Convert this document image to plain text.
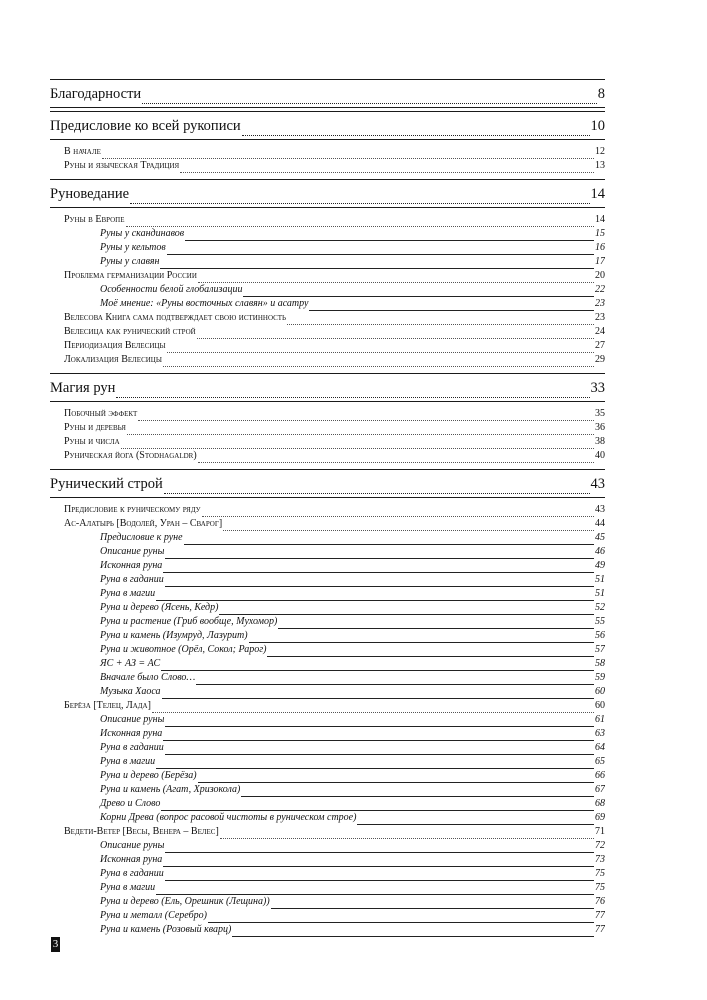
Благодарности	8
Предисловие ко всей рукописи	10
В начале	12
Руны и языческая Традиция	13
Руноведание	14
Руны в Европе	14
Руны у скандинавов	15
Руны у кельтов	16
Руны у славян	17
Проблема германизации России	20
Особенности белой глобализации	22
Моё мнение: «Руны восточных славян» и асатру	23
Велесова Книга сама подтверждает свою истинность	23
Велесица как рунический строй	24
Периодизация Велесицы	27
Локализация Велесицы	29
Магия рун	33
Побочный эффект	35
Руны и деревья	36
Руны и числа	38
Руническая йога (Stodhagaldr)	40
Рунический строй	43
Предисловие к руническому ряду	43
Ас-Алатырь [Водолей, Уран – Сварог]	44
Предисловие к руне	45
Описание руны	46
Исконная руна	49
Руна в гадании	51
Руна в магии	51
Руна и дерево (Ясень, Кедр)	52
Руна и растение (Гриб вообще, Мухомор)	55
Руна и камень (Изумруд, Лазурит)	56
Руна и животное (Орёл, Сокол; Рарог)	57
ЯС + АЗ = АС	58
Вначале было Слово…	59
Музыка Хаоса	60
Берёза [Телец, Лада]	60
Описание руны	61
Исконная руна	63
Руна в гадании	64
Руна в магии	65
Руна и дерево (Берёза)	66
Руна и камень (Агат, Хризокола)	67
Древо и Слово	68
Корни Древа (вопрос расовой чистоты в руническом строе)	69
Ведети-Ветер [Весы, Венера – Велес]	71
Описание руны	72
Исконная руна	73
Руна в гадании	75
Руна в магии	75
Руна и дерево (Ель, Орешник (Лещина))	76
Руна и металл (Серебро)	77
Руна и камень (Розовый кварц)	77
3
